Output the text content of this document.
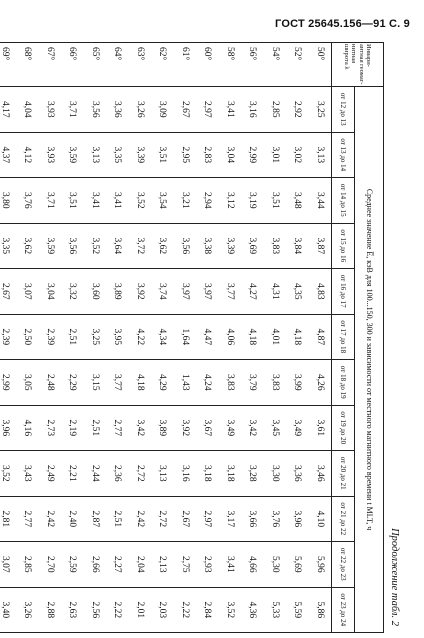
ГОСТ 25645.156—91 С. 9
Продолжение табл. 2
Инвари-антная геомаг-нитная широта λ	Среднее значение E̅, кэВ для 100...150, 300 и зависимости от местного магнитного времени t MLT, ч											
	от 12 до 13	от 13 до 14	от 14 до 15	от 15 до 16	от 16 до 17	от 17 до 18	от 18 до 19	от 19 до 20	от 20 до 21	от 21 до 22	от 22 до 23	от 23 до 24
50°	3,25	3,13	3,44	3,87	4,83	4,87	4,26	3,61	3,46	4,10	5,96	5,86
52°	2,92	3,02	3,48	3,84	4,35	4,18	3,99	3,49	3,36	3,96	5,69	5,59
54°	2,85	3,01	3,51	3,83	4,31	4,01	3,83	3,45	3,30	3,76	5,30	5,33
56°	3,16	2,99	3,19	3,69	4,27	4,18	3,79	3,42	3,28	3,66	4,66	4,36
58°	3,41	3,04	3,12	3,39	3,77	4,06	3,83	3,49	3,18	3,17	3,41	3,52
60°	2,97	2,83	2,94	3,38	3,97	4,47	4,24	3,67	3,18	2,97	2,93	2,84
61°	2,67	2,95	3,21	3,56	3,97	1,64	1,43	3,92	3,16	2,67	2,75	2,22
62°	3,09	3,51	3,54	3,62	3,74	4,34	4,29	3,89	3,13	2,72	2,13	2,03
63°	3,26	3,39	3,52	3,72	3,92	4,22	4,18	3,42	2,72	2,42	2,04	2,01
64°	3,36	3,35	3,41	3,64	3,89	3,95	3,77	2,77	2,36	2,51	2,27	2,22
65°	3,56	3,13	3,41	3,52	3,60	3,25	3,15	2,51	2,44	2,87	2,66	2,56
66°	3,71	3,59	3,51	3,56	3,32	2,51	2,29	2,19	2,21	2,40	2,59	2,63
67°	3,93	3,93	3,71	3,59	3,04	2,39	2,48	2,73	2,49	2,42	2,70	2,88
68°	4,04	4,12	3,76	3,62	3,07	2,50	3,05	4,16	3,43	2,77	2,85	3,26
69°	4,17	4,37	3,80	3,35	2,67	2,39	2,99	3,96	3,52	2,81	3,07	3,40
